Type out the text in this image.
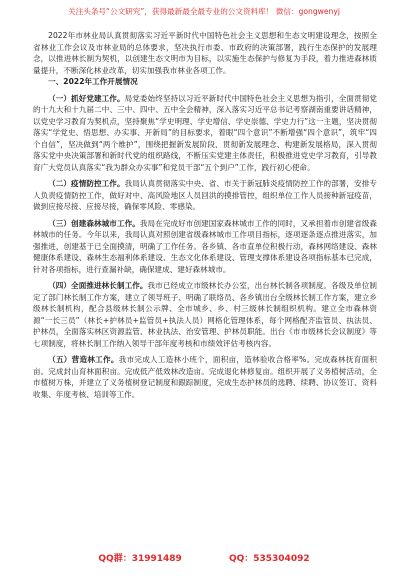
关注头条号“公文研究”，获得最新最全最专业的公文资料库！ 微信：gongwenyj

2022年市林业局认真贯彻落实习近平新时代中国特色社会主义思想和生态文明建设理念，按照全省林业工作会议及市林业局的总体要求，坚决执行市委、市政府的决策部署，践行生态保护的发展理念，以推进林长制为契机，以创建生态文明市为目标，以实施生态保护与修复为手段，着力推进森林质量提升，不断深化林业改革，切实加强我市林业各项工作。

一、2022年工作开展情况

（一）抓好党建工作。局党委始终坚持以习近平新时代中国特色社会主义思想为指引，全面贯彻党的十九大和十九届二中、三中、四中、五中全会精神，深入落实习近平总书记考察湖南重要讲话精神，以党史学习教育为契机点，坚持聚焦“学史明理、学史增信、学史崇德、学史力行”这一主题，坚决贯彻落实“学党史、悟思想、办实事、开新局”的目标要求，着眼“四个意识”不断增强“四个意识”，筑牢“四个自信”，坚决做到“两个维护”，围绕把握新发展阶段、贯彻新发展理念、构建新发展格局，深入贯彻落实党中央决策部署和新时代党的组织路线，不断压实党建主体责任，积极推进党史学习教育，引导教育广大党员认真落实“我为群众办实事”和党员干部“五个到户”工作，践行初心使命。

（二）疫情防控工作。我局认真贯彻落实中央、省、市关于新冠肺炎疫情防控工作的部署，安排专人负责疫情防控工作，做好对中、高风险地区人员回洪的摸排管控，组织单位工作人员接种新冠疫苗，做到应接尽接、应接尽接，确保零风险、零感染。

（三）创建森林城市工作。我局在完成好市创建国家森林城市工作的同时，又承担着市创建省级森林城市的任务。今年以来，我局认真对照创建省级森林城市工作项目指标，逐项逐条逐点推进落实，加强推进，创建基于已全面摸清，明确了工作任务。各乡镇、各市直单位积极行动，森林网络建设、森林健康体系建设、森林生态福利体系建设、生态文化体系建设、管理支撑体系建设各项指标基本已完成，针对各项指标，进行查漏补缺，确保建成、建好森林城市。

（四）全面推进林长制工作。我市已经成立市级林长办公室，出台林长制各项制度。各级及单位制定了部门林长制工作方案，建立了领导班子、明确了联络员、各乡镇出台全级林长制工作方案，建立乡级林长制机构，配合县级林长制公示牌、全市城乡、乡、村三级林长制组织机构。建立全市森林资源“一长三员”（林长+护林员+监管员+执法人员）网格化管理体系，每个网格配齐监管员、执法员、护林员，全面落实林区资源监管、林业执法、治安管理、护林员职能。出台《市市级林长会议制度》等七项制度，将林长制工作纳入领导干部年度考核和市绩效评估考核内容。

（五）营造林工作。我市完成人工造林小班个，面积亩，造林验收合格率%。完成森林抚育面积亩。完成封山育林面积亩。完成低产低效林改造亩。完成退化林修复亩。组织开展了义务植树活动，全市植树万株，并建立了义务植树登记制度和跟踪制度，完成生态护林员的选聘、续聘、协议签订、资料收集、年度考核、培训等工作。

QQ群：31991489	QQ：535304092
